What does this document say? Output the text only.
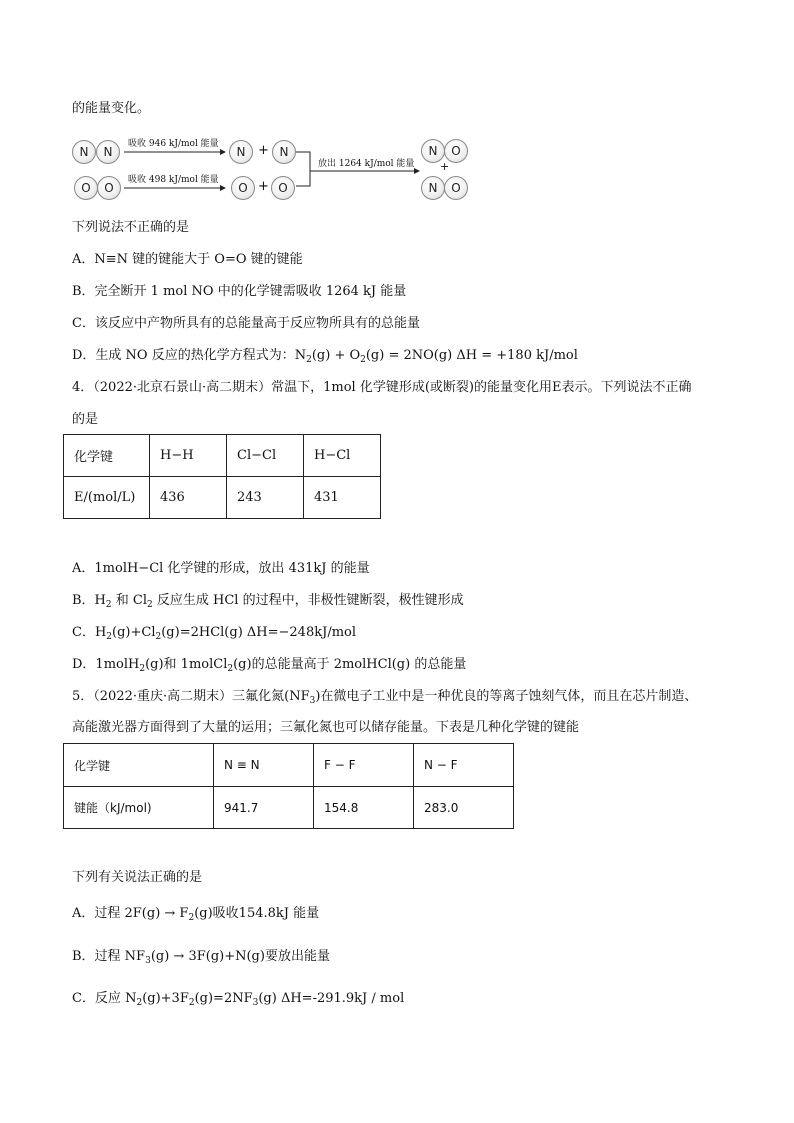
的能量变化。
N	N
吸收 946 kJ/mol 能量
N + N
O	O
吸收 498 kJ/mol 能量
O + O
放出 1264 kJ/mol 能量
N	O
+
N	O
下列说法不正确的是
A．N≡N 键的键能大于 O=O 键的键能
B．完全断开 1 mol NO 中的化学键需吸收 1264 kJ 能量
C．该反应中产物所具有的总能量高于反应物所具有的总能量
D．生成 NO 反应的热化学方程式为：$N_2(g) + O_2(g) = 2NO(g) \Delta H = +180$ kJ/mol
4．（2022·北京石景山·高二期末）常温下，1mol 化学键形成(或断裂)的能量变化用E表示。下列说法不正确
的是
化学键	H−H	Cl−Cl	H−Cl
E/(mol/L)	436	243	431
A．1molH−Cl 化学键的形成，放出 431kJ 的能量
B．$H_2$ 和 $Cl_2$ 反应生成 HCl 的过程中，非极性键断裂，极性键形成
C．$H_2(g)+Cl_2(g)=2HCl(g)$ ΔH=−248kJ/mol
D．1molH$_2$(g)和 1molCl$_2$(g)的总能量高于 2molHCl(g) 的总能量
5．（2022·重庆·高二期末）三氟化氮$(NF_3)$在微电子工业中是一种优良的等离子蚀刻气体，而且在芯片制造、
高能激光器方面得到了大量的运用；三氟化氮也可以储存能量。下表是几种化学键的键能
化学键	N ≡ N	F − F	N − F
键能（kJ/mol)	941.7	154.8	283.0
下列有关说法正确的是
A．过程 $2F(g) \to F_2(g)$吸收154.8kJ 能量
B．过程 $NF_3(g) \to 3F(g)+N(g)$要放出能量
C．反应 $N_2(g)+3F_2(g)=2NF_3(g)$ ΔH=-291.9kJ / mol
